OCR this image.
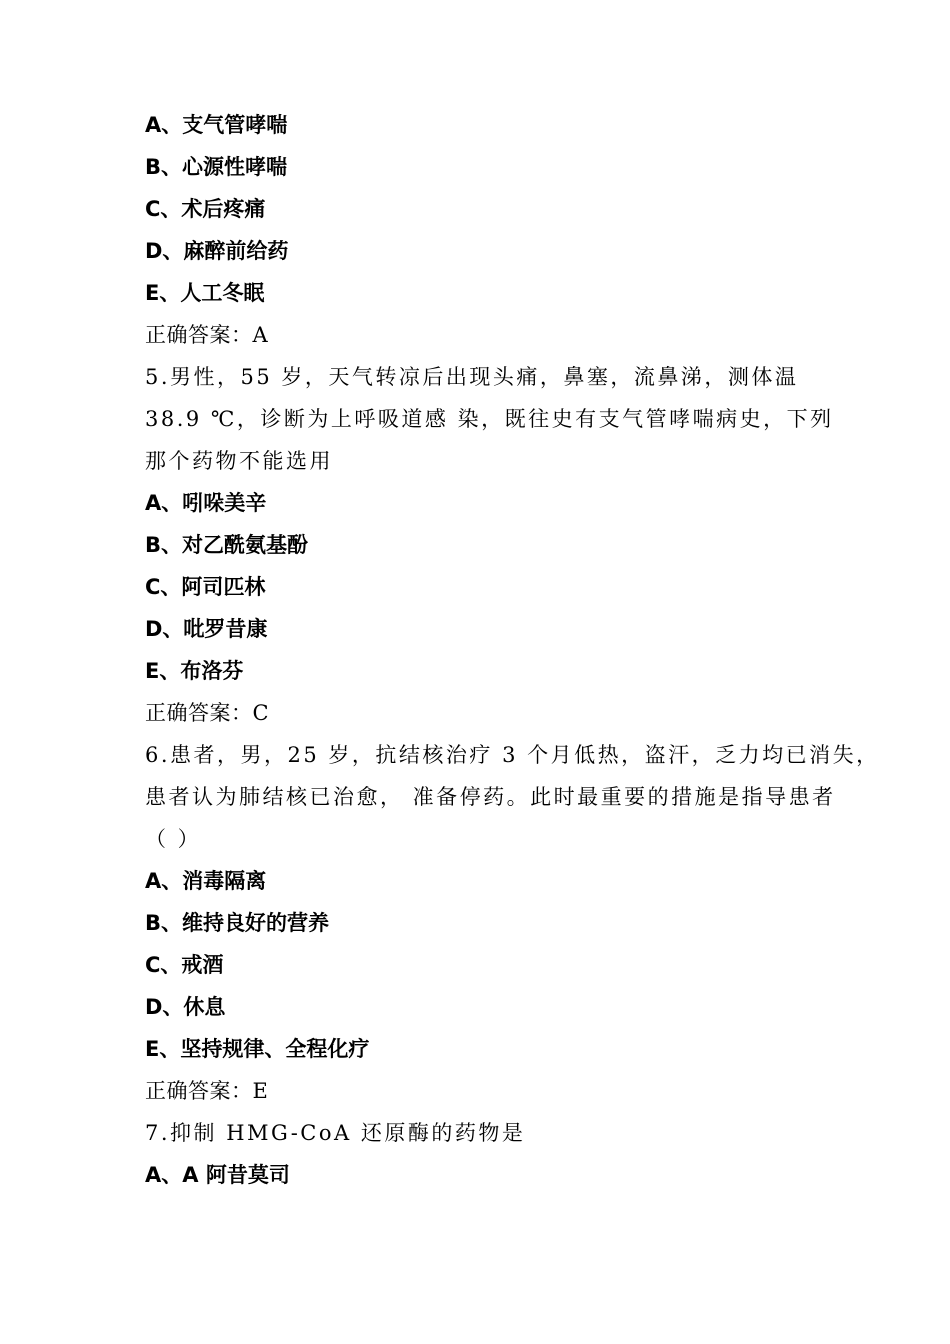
A、支气管哮喘
B、心源性哮喘
C、术后疼痛
D、麻醉前给药
E、人工冬眠
正确答案：A
5.男性，55 岁，天气转凉后出现头痛，鼻塞，流鼻涕，测体温
38.9 ℃，诊断为上呼吸道感 染，既往史有支气管哮喘病史，下列
那个药物不能选用
A、吲哚美辛
B、对乙酰氨基酚
C、阿司匹林
D、吡罗昔康
E、布洛芬
正确答案：C
6.患者，男，25 岁，抗结核治疗 3 个月低热，盗汗，乏力均已消失，
患者认为肺结核已治愈， 准备停药。此时最重要的措施是指导患者
（ ）
A、消毒隔离
B、维持良好的营养
C、戒酒
D、休息
E、坚持规律、全程化疗
正确答案：E
7.抑制 HMG-CoA 还原酶的药物是
A、A 阿昔莫司
